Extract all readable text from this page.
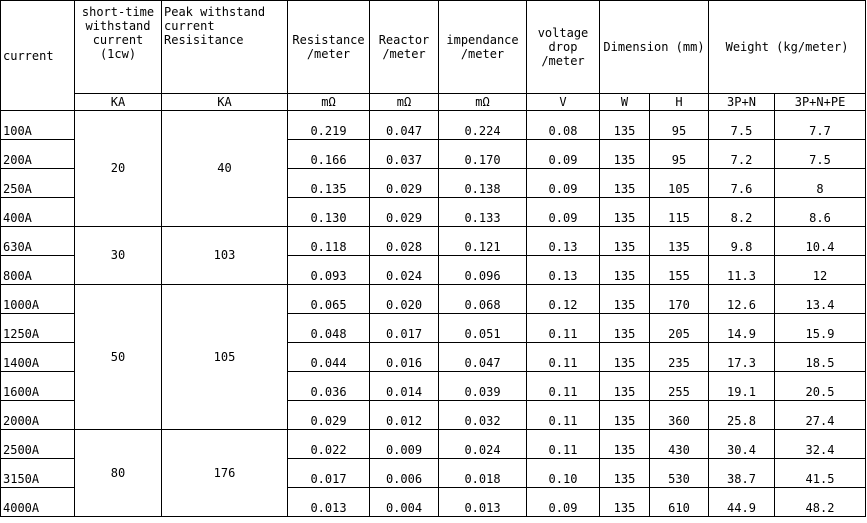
current	short-time withstand current (1cw)	Peak withstand current Resisitance	Resistance /meter	Reactor /meter	impendance /meter	voltage drop /meter	Dimension (mm)		Weight (kg/meter)	
	KA	KA	mΩ	mΩ	mΩ	V	W	H	3P+N	3P+N+PE
100A	20	40	0.219	0.047	0.224	0.08	135	95	7.5	7.7
200A			0.166	0.037	0.170	0.09	135	95	7.2	7.5
250A			0.135	0.029	0.138	0.09	135	105	7.6	8
400A			0.130	0.029	0.133	0.09	135	115	8.2	8.6
630A	30	103	0.118	0.028	0.121	0.13	135	135	9.8	10.4
800A			0.093	0.024	0.096	0.13	135	155	11.3	12
1000A	50	105	0.065	0.020	0.068	0.12	135	170	12.6	13.4
1250A			0.048	0.017	0.051	0.11	135	205	14.9	15.9
1400A			0.044	0.016	0.047	0.11	135	235	17.3	18.5
1600A			0.036	0.014	0.039	0.11	135	255	19.1	20.5
2000A			0.029	0.012	0.032	0.11	135	360	25.8	27.4
2500A	80	176	0.022	0.009	0.024	0.11	135	430	30.4	32.4
3150A			0.017	0.006	0.018	0.10	135	530	38.7	41.5
4000A			0.013	0.004	0.013	0.09	135	610	44.9	48.2
